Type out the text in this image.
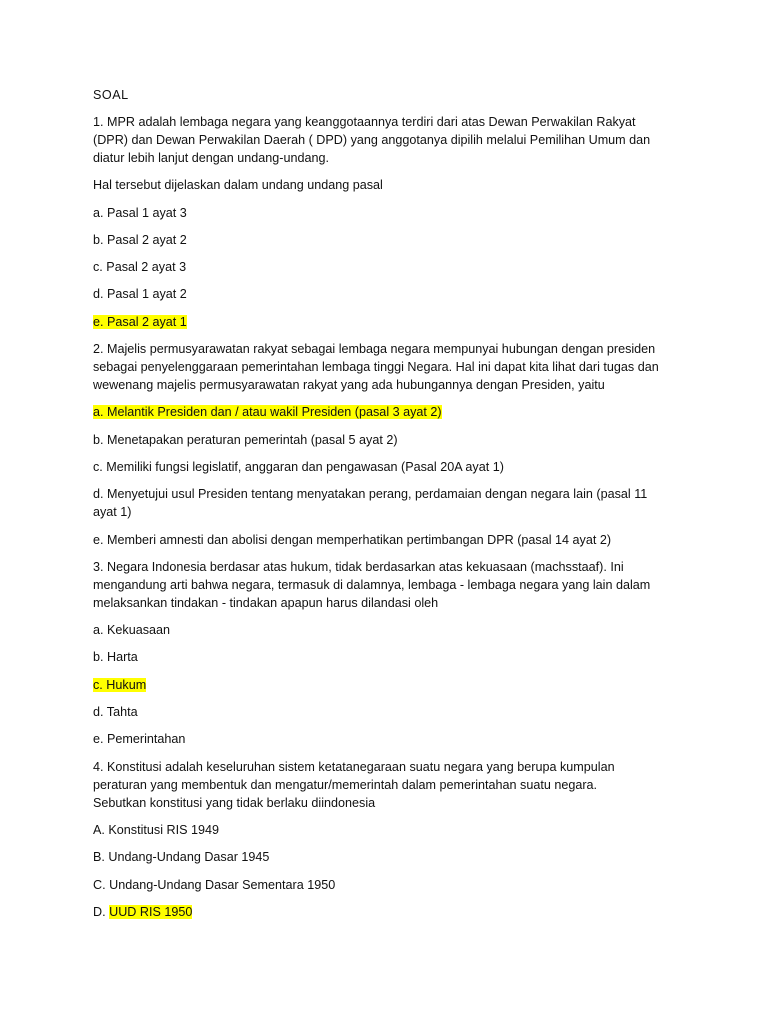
SOAL
1. MPR adalah lembaga negara yang keanggotaannya terdiri dari atas Dewan Perwakilan Rakyat
(DPR) dan Dewan Perwakilan Daerah ( DPD) yang anggotanya dipilih melalui Pemilihan Umum dan
diatur lebih lanjut dengan undang-undang.
Hal tersebut dijelaskan dalam undang undang pasal
a. Pasal 1 ayat 3
b. Pasal 2 ayat 2
c. Pasal 2 ayat 3
d. Pasal 1 ayat 2
e. Pasal 2 ayat 1
2. Majelis permusyarawatan rakyat sebagai lembaga negara mempunyai hubungan dengan presiden
sebagai penyelenggaraan pemerintahan lembaga tinggi Negara. Hal ini dapat kita lihat dari tugas dan
wewenang majelis permusyarawatan rakyat yang ada hubungannya dengan Presiden, yaitu
a. Melantik Presiden dan / atau wakil Presiden (pasal 3 ayat 2)
b. Menetapakan peraturan pemerintah (pasal 5 ayat 2)
c. Memiliki fungsi legislatif, anggaran dan pengawasan (Pasal 20A ayat 1)
d. Menyetujui usul Presiden tentang menyatakan perang, perdamaian dengan negara lain (pasal 11
ayat 1)
e. Memberi amnesti dan abolisi dengan memperhatikan pertimbangan DPR (pasal 14 ayat 2)
3. Negara Indonesia berdasar atas hukum, tidak berdasarkan atas kekuasaan (machsstaaf). Ini
mengandung arti bahwa negara, termasuk di dalamnya, lembaga - lembaga negara yang lain dalam
melaksankan tindakan - tindakan apapun harus dilandasi oleh
a. Kekuasaan
b. Harta
c. Hukum
d. Tahta
e. Pemerintahan
4. Konstitusi adalah keseluruhan sistem ketatanegaraan suatu negara yang berupa kumpulan
peraturan yang membentuk dan mengatur/memerintah dalam pemerintahan suatu negara.
Sebutkan konstitusi yang tidak berlaku diindonesia
A. Konstitusi RIS 1949
B. Undang-Undang Dasar 1945
C. Undang-Undang Dasar Sementara 1950
D. UUD RIS 1950
